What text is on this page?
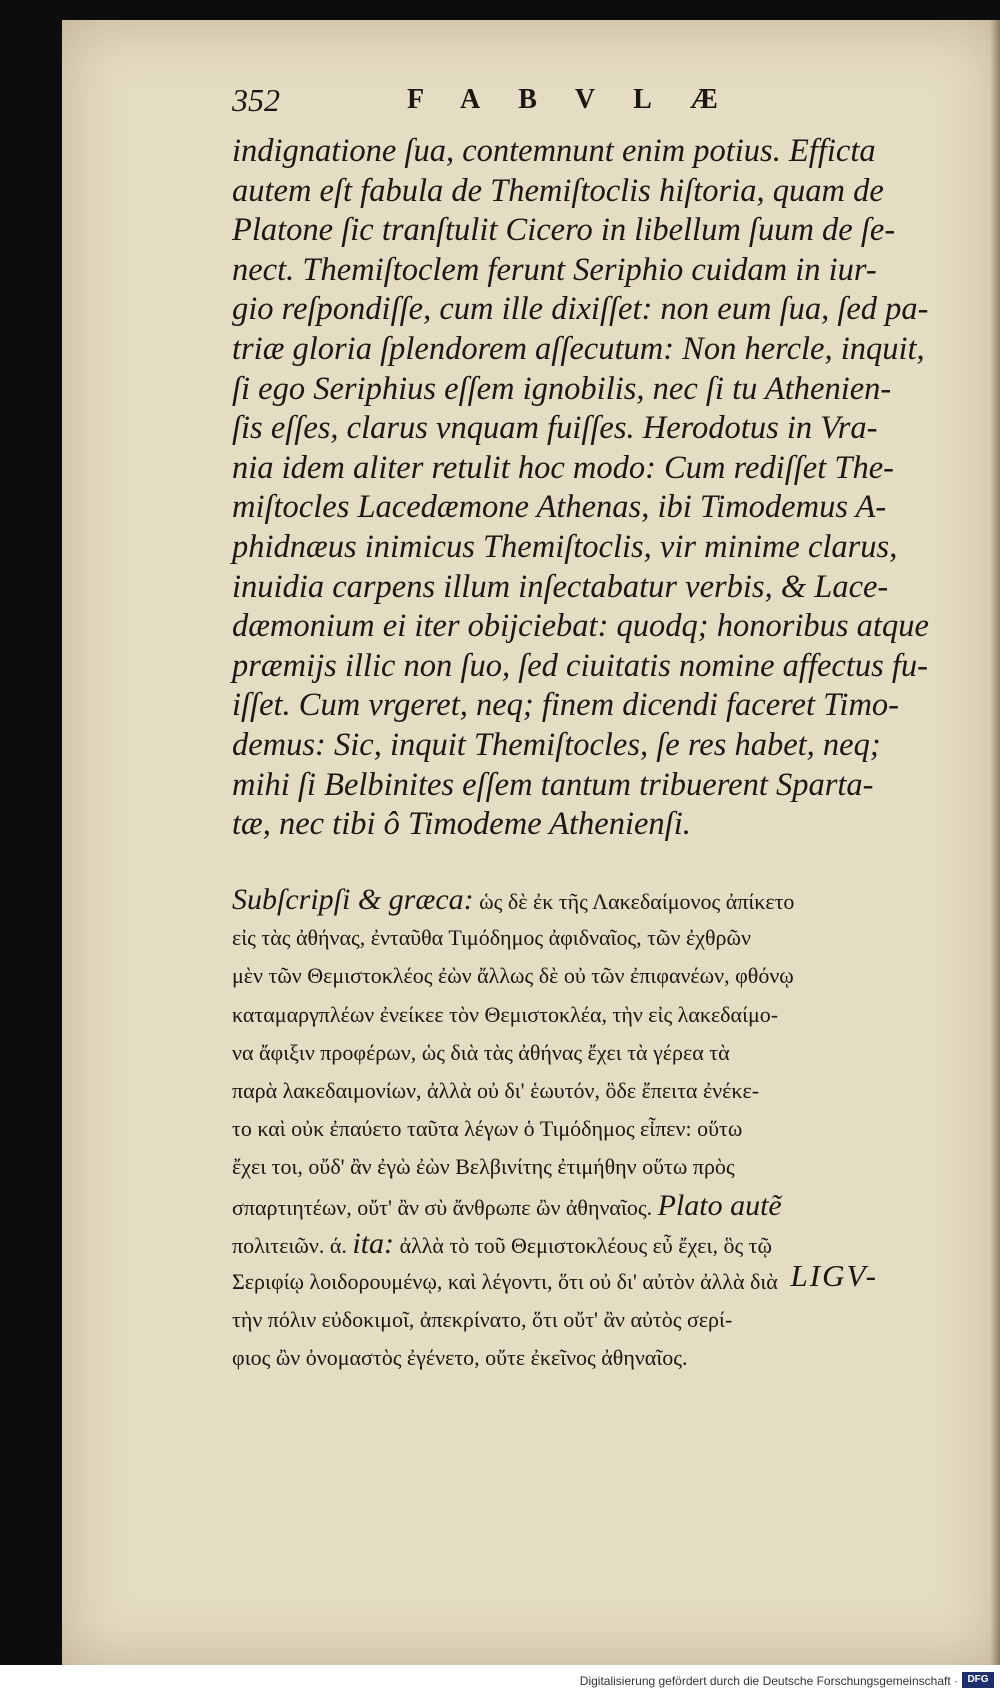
352	FABVLÆ
indignatione ſua, contemnunt enim potius. Efficta
autem eſt fabula de Themiſtoclis hiſtoria, quam de
Platone ſic tranſtulit Cicero in libellum ſuum de ſe-
nect. Themiſtoclem ferunt Seriphio cuidam in iur-
gio reſpondiſſe, cum ille dixiſſet: non eum ſua, ſed pa-
triæ gloria ſplendorem aſſecutum: Non hercle, inquit,
ſi ego Seriphius eſſem ignobilis, nec ſi tu Athenien-
ſis eſſes, clarus vnquam fuiſſes. Herodotus in Vra-
nia idem aliter retulit hoc modo: Cum rediſſet The-
miſtocles Lacedæmone Athenas, ibi Timodemus A-
phidnæus inimicus Themiſtoclis, vir minime clarus,
inuidia carpens illum inſectabatur verbis, & Lace-
dæmonium ei iter obijciebat: quodq; honoribus atque
præmijs illic non ſuo, ſed ciuitatis nomine affectus fu-
iſſet. Cum vrgeret, neq; finem dicendi faceret Timo-
demus: Sic, inquit Themiſtocles, ſe res habet, neq;
mihi ſi Belbinites eſſem tantum tribuerent Sparta-
tæ, nec tibi ô Timodeme Athenienſi.
Subſcripſi & græca: ὡς δὲ ἐκ τῆς Λακεδαίμονος ἀπίκετο
εἰς τὰς ἀθήνας, ἐνταῦθα Τιμόδημος ἀφιδναῖος, τῶν ἐχθρῶν
μὲν τῶν Θεμιστοκλέος ἐὼν ἄλλως δὲ οὐ τῶν ἐπιφανέων, φθόνῳ
καταμαργπλέων ἐνείκεε τὸν Θεμιστοκλέα, τὴν εἰς λακεδαίμο-
να ἄφιξιν προφέρων, ὡς διὰ τὰς ἀθήνας ἔχει τὰ γέρεα τὰ
παρὰ λακεδαιμονίων, ἀλλὰ οὐ δι' ἑωυτόν, ὃδε ἔπειτα ἐνέκε-
το καὶ οὐκ ἐπαύετο ταῦτα λέγων ὁ Τιμόδημος εἶπεν: οὕτω
ἔχει τοι, οὔδ' ἂν ἐγὼ ἐὼν Βελβινίτης ἐτιμήθην οὕτω πρὸς
σπαρτιητέων, οὔτ' ἂν σὺ ἄνθρωπε ὢν ἀθηναῖος. Plato autẽ
πολιτειῶν. ά. ita: ἀλλὰ τὸ τοῦ Θεμιστοκλέους εὖ ἔχει, ὃς τῷ
Σεριφίῳ λοιδορουμένῳ, καὶ λέγοντι, ὅτι οὐ δι' αὐτὸν ἀλλὰ διὰ
τὴν πόλιν εὐδοκιμοῖ, ἀπεκρίνατο, ὅτι οὔτ' ἂν αὐτὸς σερί-
φιος ὢν ὀνομαστὸς ἐγένετο, οὔτε ἐκεῖνος ἀθηναῖος.
LIGV-
Digitalisierung gefördert durch die Deutsche Forschungsgemeinschaft · DFG
